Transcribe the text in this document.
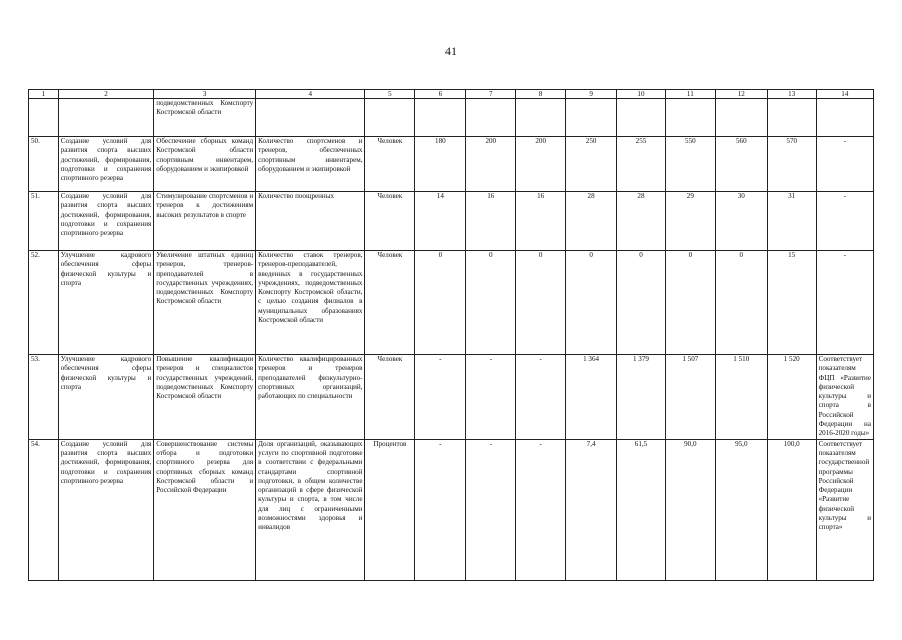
41
1	2	3	4	5	6	7	8	9	10	11	12	13	14
		подведомственных Комспорту Костромской области											
50.	Создание условий для развития спорта высших достижений, формирования, подготовки и сохранения спортивного резерва	Обеспечение сборных команд Костромской области спортивным инвентарем, оборудованием и экипировкой	Количество спортсменов и тренеров, обеспеченных спортивным инвентарем, оборудованием и экипировкой	Человек	180	200	200	250	255	550	560	570	-
51.	Создание условий для развития спорта высших достижений, формирования, подготовки и сохранения спортивного резерва	Стимулирование спортсменов и тренеров к достижениям высоких результатов в спорте	Количество поощренных	Человек	14	16	16	28	28	29	30	31	-
52.	Улучшение кадрового обеспечения сферы физической культуры и спорта	Увеличение штатных единиц тренеров, тренеров-преподавателей в государственных учреждениях, подведомственных Комспорту Костромской области	Количество ставок тренеров, тренеров-преподавателей, введенных в государственных учреждениях, подведомственных Комспорту Костромской области, с целью создания филиалов в муниципальных образованиях Костромской области	Человек	0	0	0	0	0	0	0	15	-
53.	Улучшение кадрового обеспечения сферы физической культуры и спорта	Повышение квалификации тренеров и специалистов государственных учреждений, подведомственных Комспорту Костромской области	Количество квалифицированных тренеров и тренеров преподавателей физкультурно-спортивных организаций, работающих по специальности	Человек	-	-	-	1 364	1 379	1 507	1 510	1 520	Соответствует показателям ФЦП «Развитие физической культуры и спорта в Российской Федерации на 2016-2020 годы»
54.	Создание условий для развития спорта высших достижений, формирования, подготовки и сохранения спортивного резерва	Совершенствование системы отбора и подготовки спортивного резерва для спортивных сборных команд Костромской области и Российской Федерации	Доля организаций, оказывающих услуги по спортивной подготовке в соответствии с федеральными стандартами спортивной подготовки, в общем количестве организаций в сфере физической культуры и спорта, в том числе для лиц с ограниченными возможностями здоровья и инвалидов	Процентов	-	-	-	7,4	61,5	90,0	95,0	100,0	Соответствует показателям государственной программы Российской Федерации «Развитие физической культуры и спорта»
